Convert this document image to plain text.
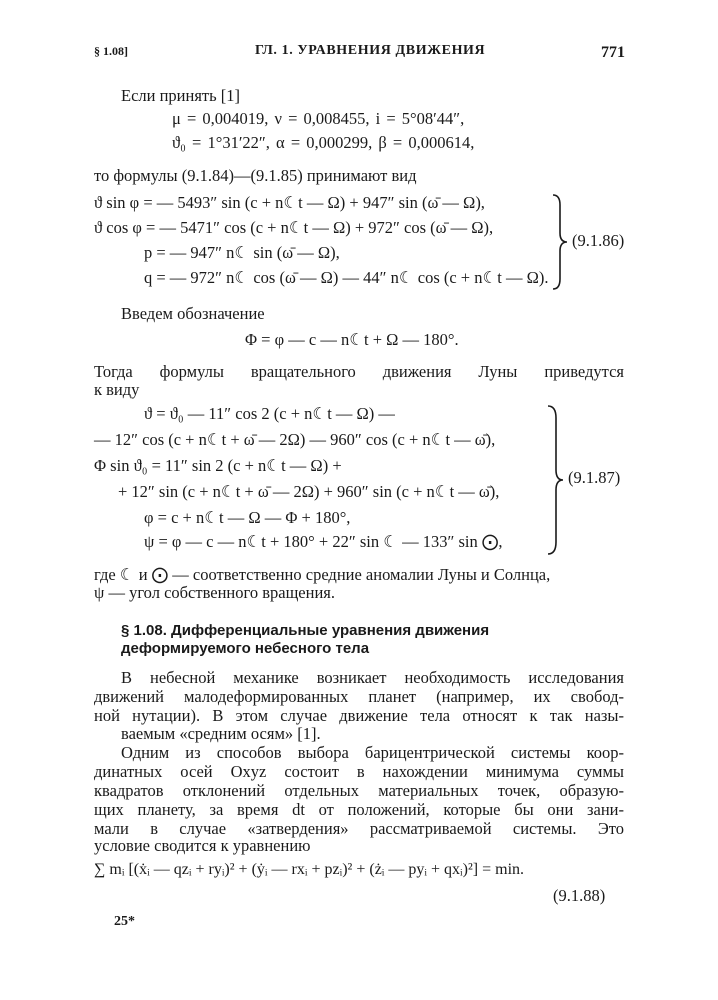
§ 1.08]	ГЛ. 1. УРАВНЕНИЯ ДВИЖЕНИЯ	771
Если принять [1]
μ = 0,004019, ν = 0,008455, i = 5°08′44″,
ϑ₀ = 1°31′22″, α = 0,000299, β = 0,000614,
то формулы (9.1.84)—(9.1.85) принимают вид
ϑ sin φ = — 5493″ sin (c + n☾t — Ω) + 947″ sin (ω̄ — Ω),
ϑ cos φ = — 5471″ cos (c + n☾t — Ω) + 972″ cos (ω̄ — Ω),
p = — 947″ n☾ sin (ω̄ — Ω),
q = — 972″ n☾ cos (ω̄ — Ω) — 44″ n☾ cos (c + n☾t — Ω).
(9.1.86)
Введем обозначение
Φ = φ — c — n☾t + Ω — 180°.
Тогда формулы вращательного движения Луны приведутся
к виду
ϑ = ϑ₀ — 11″ cos 2 (c + n☾t — Ω) —
— 12″ cos (c + n☾t + ω̄ — 2Ω) — 960″ cos (c + n☾t — ω̄),
Φ sin ϑ₀ = 11″ sin 2 (c + n☾t — Ω) +
+ 12″ sin (c + n☾t + ω̄ — 2Ω) + 960″ sin (c + n☾t — ω̄),
φ = c + n☾t — Ω — Φ + 180°,
ψ = φ — c — n☾t + 180° + 22″ sin ☾ — 133″ sin ⨀,
(9.1.87)
где ☾ и ⨀ — соответственно средние аномалии Луны и Солнца,
ψ — угол собственного вращения.
§ 1.08. Дифференциальные уравнения движения
деформируемого небесного тела
В небесной механике возникает необходимость исследования
движений малодеформированных планет (например, их свобод-
ной нутации). В этом случае движение тела относят к так назы-
ваемым «средним осям» [1].
Одним из способов выбора барицентрической системы коор-
динатных осей Oxyz состоит в нахождении минимума суммы
квадратов отклонений отдельных материальных точек, образую-
щих планету, за время dt от положений, которые бы они зани-
мали в случае «затвердения» рассматриваемой системы. Это
условие сводится к уравнению
∑ mᵢ [(ẋᵢ — qzᵢ + ryᵢ)² + (ẏᵢ — rxᵢ + pzᵢ)² + (żᵢ — pyᵢ + qxᵢ)²] = min.
(9.1.88)
25*
